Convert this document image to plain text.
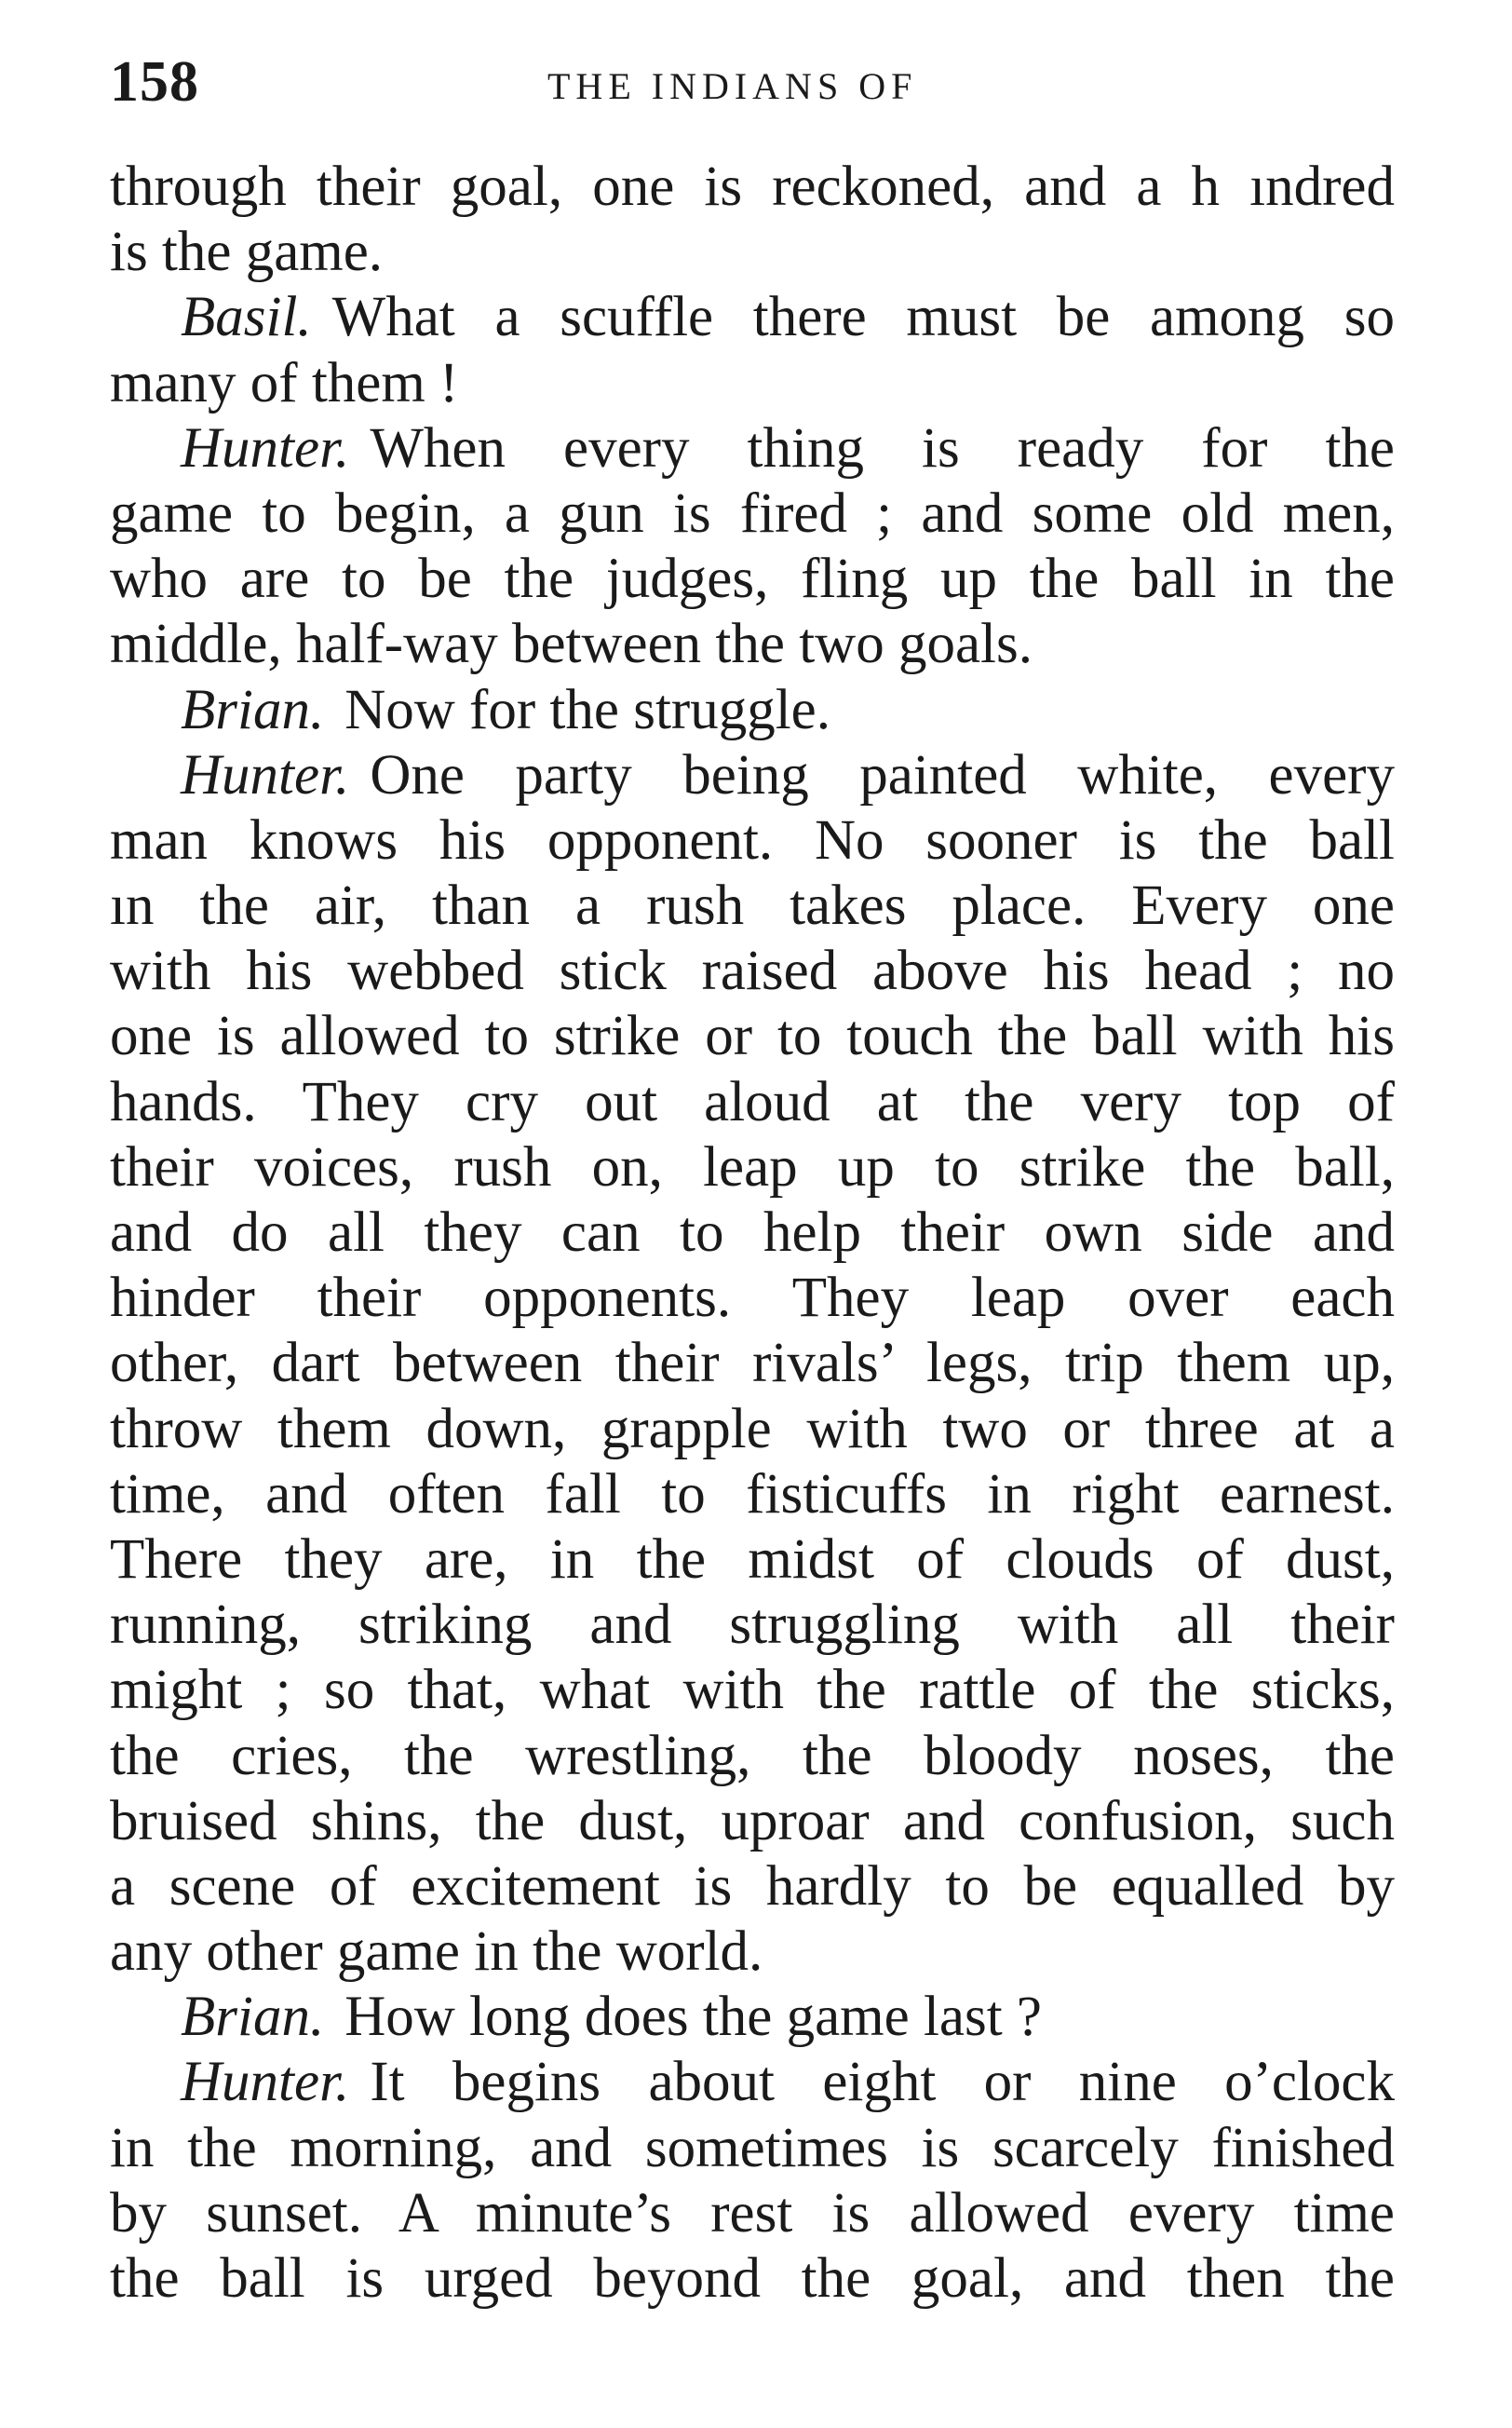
158	THE INDIANS OF
through their goal, one is reckoned, and a h ındred
is the game.
Basil. What a scuffle there must be among so
many of them !
Hunter. When every thing is ready for the
game to begin, a gun is fired ; and some old men,
who are to be the judges, fling up the ball in the
middle, half-way between the two goals.
Brian. Now for the struggle.
Hunter. One party being painted white, every
man knows his opponent. No sooner is the ball
ın the air, than a rush takes place. Every one
with his webbed stick raised above his head ; no
one is allowed to strike or to touch the ball with his
hands. They cry out aloud at the very top of
their voices, rush on, leap up to strike the ball,
and do all they can to help their own side and
hinder their opponents. They leap over each
other, dart between their rivals’ legs, trip them up,
throw them down, grapple with two or three at a
time, and often fall to fisticuffs in right earnest.
There they are, in the midst of clouds of dust,
running, striking and struggling with all their
might ; so that, what with the rattle of the sticks,
the cries, the wrestling, the bloody noses, the
bruised shins, the dust, uproar and confusion, such
a scene of excitement is hardly to be equalled by
any other game in the world.
Brian. How long does the game last ?
Hunter. It begins about eight or nine o’clock
in the morning, and sometimes is scarcely finished
by sunset. A minute’s rest is allowed every time
the ball is urged beyond the goal, and then the
